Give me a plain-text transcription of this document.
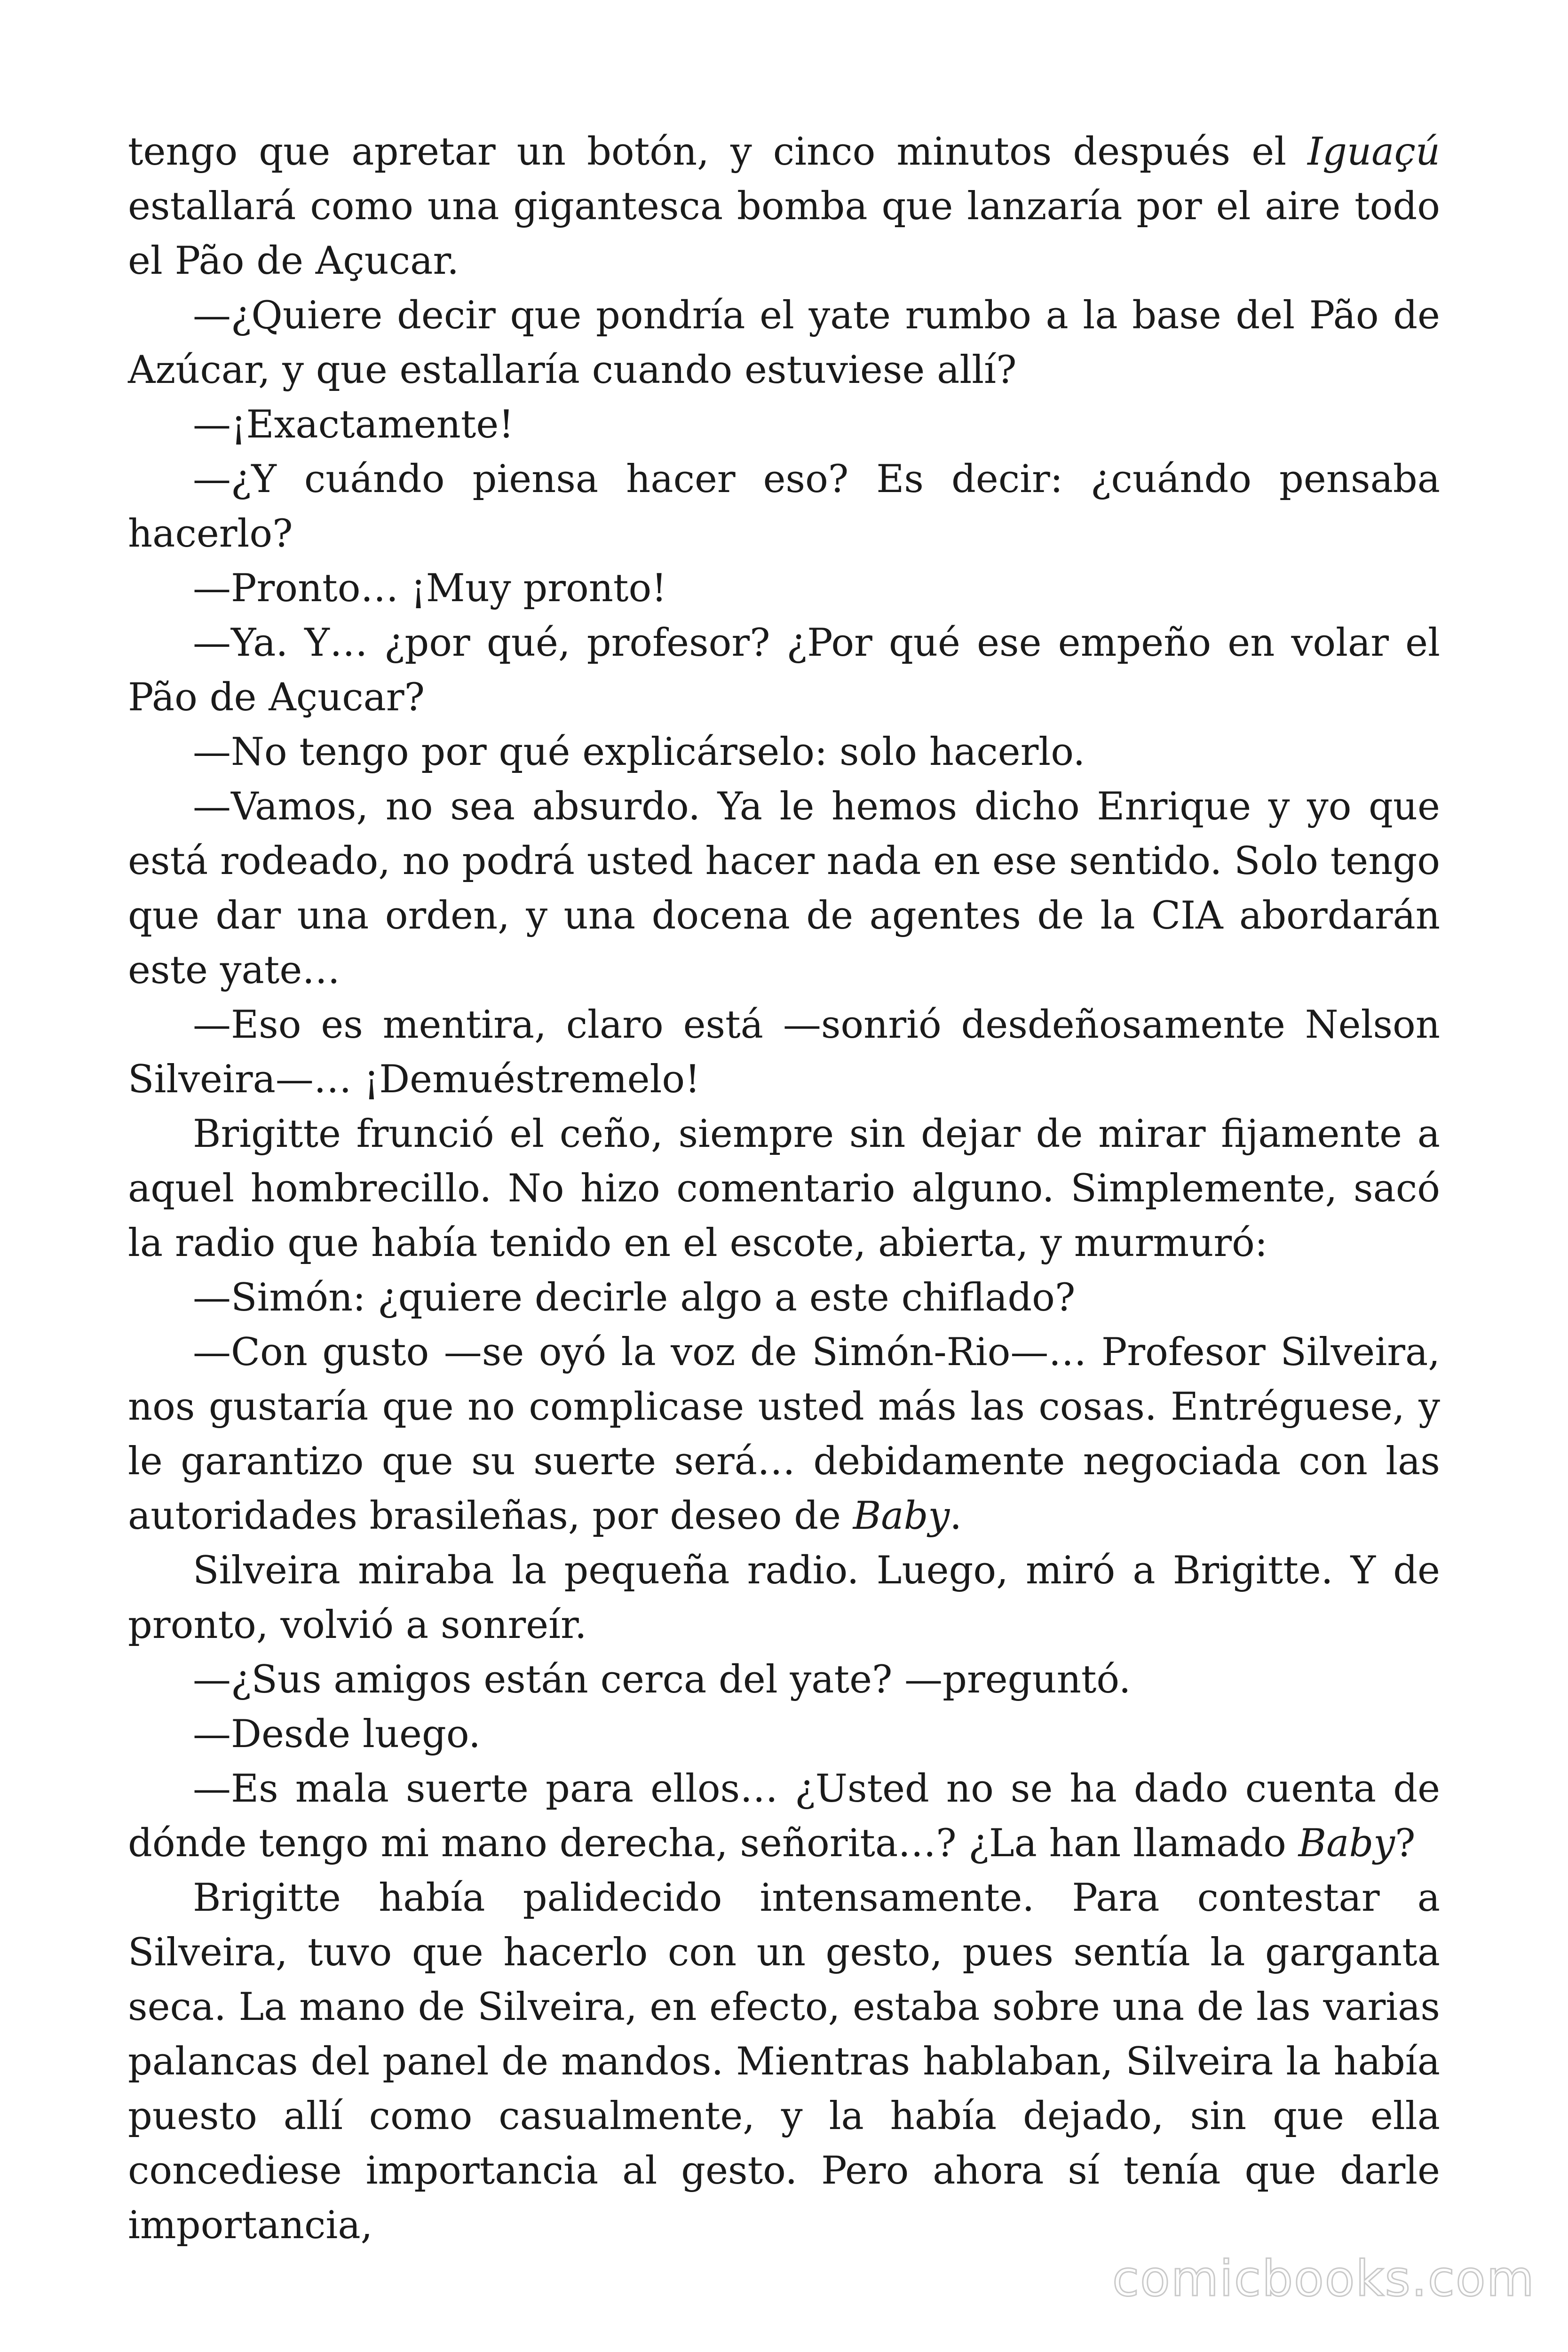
tengo que apretar un botón, y cinco minutos después el Iguaçú estallará como una gigantesca bomba que lanzaría por el aire todo el Pão de Açucar.

—¿Quiere decir que pondría el yate rumbo a la base del Pão de Azúcar, y que estallaría cuando estuviese allí?

—¡Exactamente!

—¿Y cuándo piensa hacer eso? Es decir: ¿cuándo pensaba hacerlo?

—Pronto… ¡Muy pronto!

—Ya. Y… ¿por qué, profesor? ¿Por qué ese empeño en volar el Pão de Açucar?

—No tengo por qué explicárselo: solo hacerlo.

—Vamos, no sea absurdo. Ya le hemos dicho Enrique y yo que está rodeado, no podrá usted hacer nada en ese sentido. Solo tengo que dar una orden, y una docena de agentes de la CIA abordarán este yate…

—Eso es mentira, claro está —sonrió desdeñosamente Nelson Silveira—… ¡Demuéstremelo!

Brigitte frunció el ceño, siempre sin dejar de mirar fijamente a aquel hombrecillo. No hizo comentario alguno. Simplemente, sacó la radio que había tenido en el escote, abierta, y murmuró:

—Simón: ¿quiere decirle algo a este chiflado?

—Con gusto —se oyó la voz de Simón-Rio—… Profesor Silveira, nos gustaría que no complicase usted más las cosas. Entréguese, y le garantizo que su suerte será… debidamente negociada con las autoridades brasileñas, por deseo de Baby.

Silveira miraba la pequeña radio. Luego, miró a Brigitte. Y de pronto, volvió a sonreír.

—¿Sus amigos están cerca del yate? —preguntó.

—Desde luego.

—Es mala suerte para ellos… ¿Usted no se ha dado cuenta de dónde tengo mi mano derecha, señorita…? ¿La han llamado Baby?

Brigitte había palidecido intensamente. Para contestar a Silveira, tuvo que hacerlo con un gesto, pues sentía la garganta seca. La mano de Silveira, en efecto, estaba sobre una de las varias palancas del panel de mandos. Mientras hablaban, Silveira la había puesto allí como casualmente, y la había dejado, sin que ella concediese importancia al gesto. Pero ahora sí tenía que darle importancia,

comicbooks.com
